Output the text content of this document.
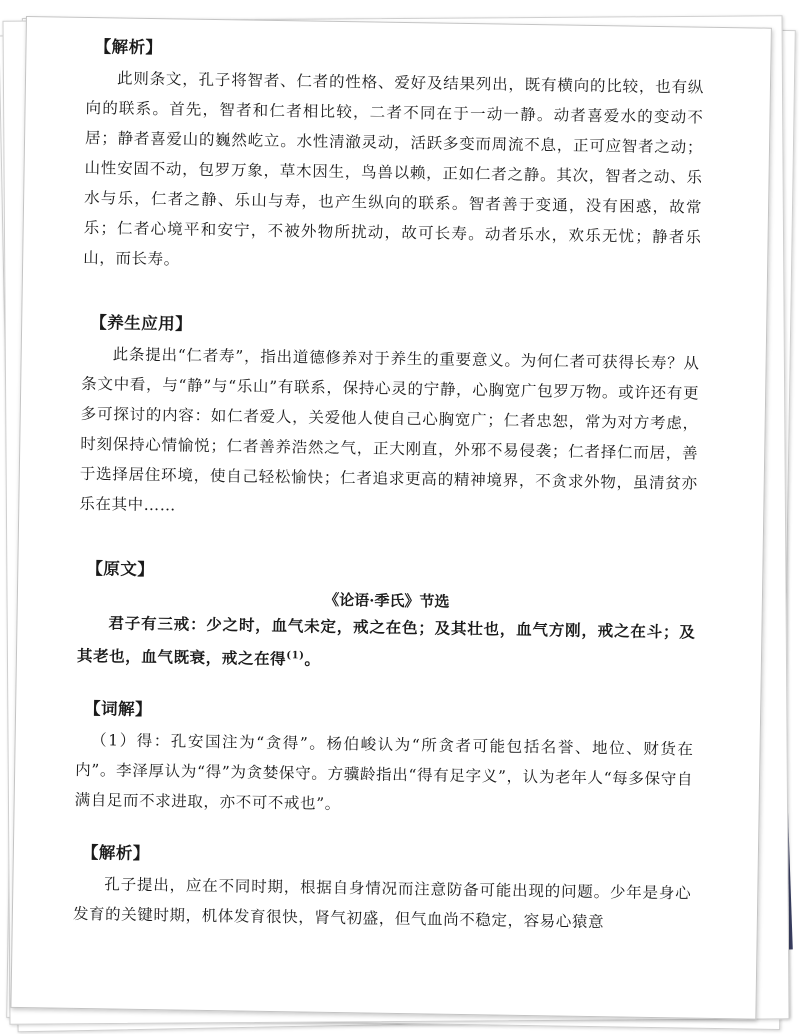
【解析】

此则条文，孔子将智者、仁者的性格、爱好及结果列出，既有横向的比较，也有纵向的联系。首先，智者和仁者相比较，二者不同在于一动一静。动者喜爱水的变动不居；静者喜爱山的巍然屹立。水性清澈灵动，活跃多变而周流不息，正可应智者之动；山性安固不动，包罗万象，草木因生，鸟兽以赖，正如仁者之静。其次，智者之动、乐水与乐，仁者之静、乐山与寿，也产生纵向的联系。智者善于变通，没有困惑，故常乐；仁者心境平和安宁，不被外物所扰动，故可长寿。动者乐水，欢乐无忧；静者乐山，而长寿。

【养生应用】

此条提出“仁者寿”，指出道德修养对于养生的重要意义。为何仁者可获得长寿？从条文中看，与“静”与“乐山”有联系，保持心灵的宁静，心胸宽广包罗万物。或许还有更多可探讨的内容：如仁者爱人，关爱他人使自己心胸宽广；仁者忠恕，常为对方考虑，时刻保持心情愉悦；仁者善养浩然之气，正大刚直，外邪不易侵袭；仁者择仁而居，善于选择居住环境，使自己轻松愉快；仁者追求更高的精神境界，不贪求外物，虽清贫亦乐在其中……

【原文】
《论语·季氏》节选

君子有三戒：少之时，血气未定，戒之在色；及其壮也，血气方刚，戒之在斗；及其老也，血气既衰，戒之在得$^{(1)}$。

【词解】

（1）得：孔安国注为“贪得”。杨伯峻认为“所贪者可能包括名誉、地位、财货在内”。李泽厚认为“得”为贪婪保守。方骥龄指出“得有足字义”，认为老年人“每多保守自满自足而不求进取，亦不可不戒也”。

【解析】

孔子提出，应在不同时期，根据自身情况而注意防备可能出现的问题。少年是身心发育的关键时期，机体发育很快，肾气初盛，但气血尚不稳定，容易心猿意
